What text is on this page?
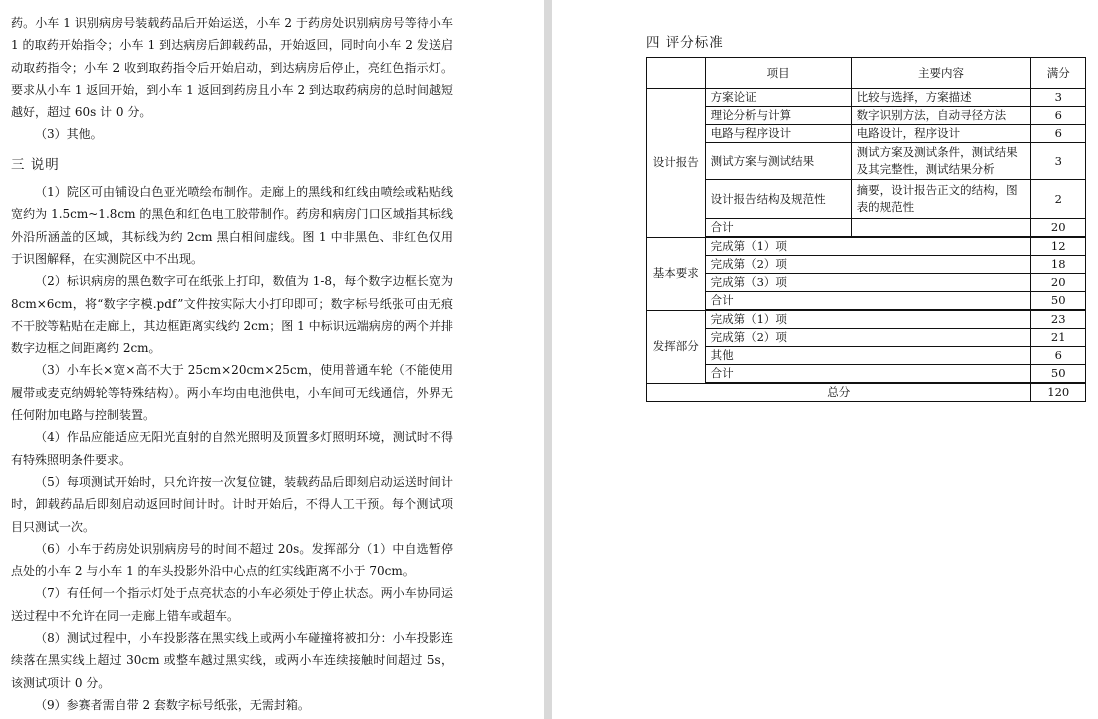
药。小车 1 识别病房号装载药品后开始运送，小车 2 于药房处识别病房号等待小车 1 的取药开始指令；小车 1 到达病房后卸载药品，开始返回，同时向小车 2 发送启动取药指令；小车 2 收到取药指令后开始启动，到达病房后停止，亮红色指示灯。要求从小车 1 返回开始，到小车 1 返回到药房且小车 2 到达取药病房的总时间越短越好，超过 60s 计 0 分。

（3）其他。

三 说明

（1）院区可由铺设白色亚光喷绘布制作。走廊上的黑线和红线由喷绘或粘贴线宽约为 1.5cm~1.8cm 的黑色和红色电工胶带制作。药房和病房门口区域指其标线外沿所涵盖的区域，其标线为约 2cm 黑白相间虚线。图 1 中非黑色、非红色仅用于识图解释，在实测院区中不出现。

（2）标识病房的黑色数字可在纸张上打印，数值为 1-8，每个数字边框长宽为 8cm×6cm，将“数字字模.pdf”文件按实际大小打印即可；数字标号纸张可由无痕不干胶等粘贴在走廊上，其边框距离实线约 2cm；图 1 中标识远端病房的两个并排数字边框之间距离约 2cm。

（3）小车长×宽×高不大于 25cm×20cm×25cm，使用普通车轮（不能使用履带或麦克纳姆轮等特殊结构）。两小车均由电池供电，小车间可无线通信，外界无任何附加电路与控制装置。

（4）作品应能适应无阳光直射的自然光照明及顶置多灯照明环境，测试时不得有特殊照明条件要求。

（5）每项测试开始时，只允许按一次复位键，装载药品后即刻启动运送时间计时，卸载药品后即刻启动返回时间计时。计时开始后，不得人工干预。每个测试项目只测试一次。

（6）小车于药房处识别病房号的时间不超过 20s。发挥部分（1）中自选暂停点处的小车 2 与小车 1 的车头投影外沿中心点的红实线距离不小于 70cm。

（7）有任何一个指示灯处于点亮状态的小车必须处于停止状态。两小车协同运送过程中不允许在同一走廊上错车或超车。

（8）测试过程中，小车投影落在黑实线上或两小车碰撞将被扣分：小车投影连续落在黑实线上超过 30cm 或整车越过黑实线，或两小车连续接触时间超过 5s，该测试项计 0 分。

（9）参赛者需自带 2 套数字标号纸张，无需封箱。

四 评分标准
	项目	主要内容	满分
设计报告	方案论证	比较与选择，方案描述	3
	理论分析与计算	数字识别方法，自动寻径方法	6
	电路与程序设计	电路设计，程序设计	6
	测试方案与测试结果	测试方案及测试条件，测试结果及其完整性，测试结果分析	3
	设计报告结构及规范性	摘要，设计报告正文的结构，图表的规范性	2
	合计		20
基本要求	完成第（1）项		12
	完成第（2）项		18
	完成第（3）项		20
	合计		50
发挥部分	完成第（1）项		23
	完成第（2）项		21
	其他		6
	合计		50
总分			120
